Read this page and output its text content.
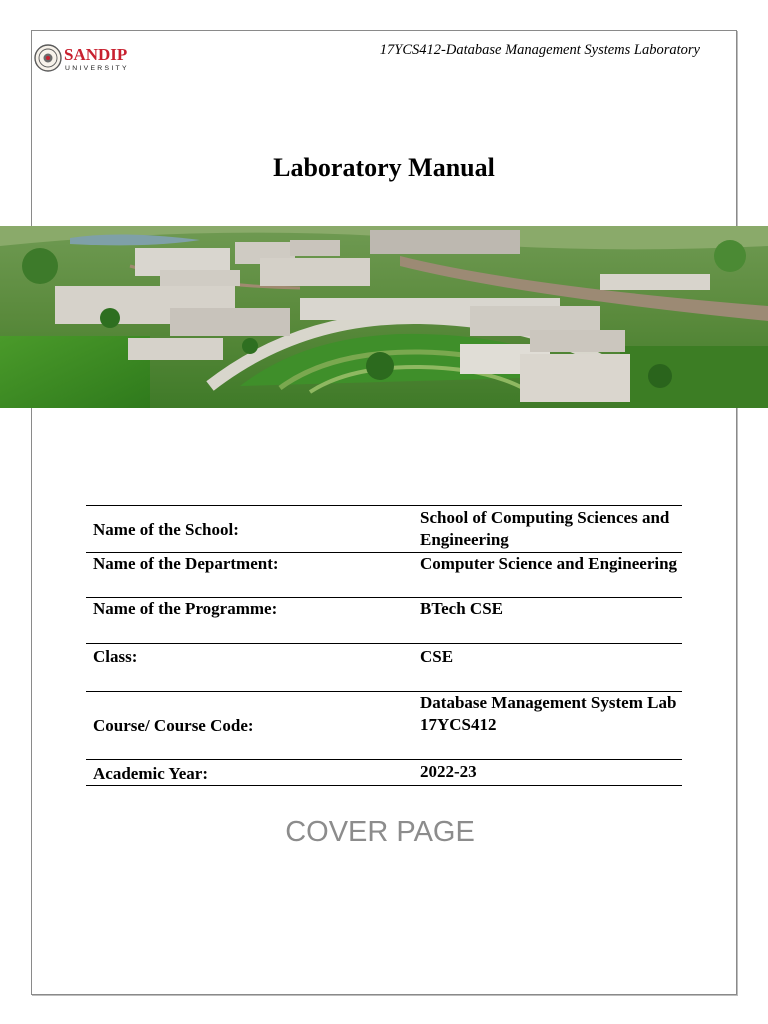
SANDIP
UNIVERSITY
17YCS412-Database Management Systems Laboratory
Laboratory Manual
Name of the School:	School of Computing Sciences and Engineering
Name of the Department:	Computer Science and Engineering
Name of the Programme:	BTech CSE
Class:	CSE
Course/ Course Code:	Database Management System Lab 17YCS412
Academic Year:	2022-23
COVER PAGE
